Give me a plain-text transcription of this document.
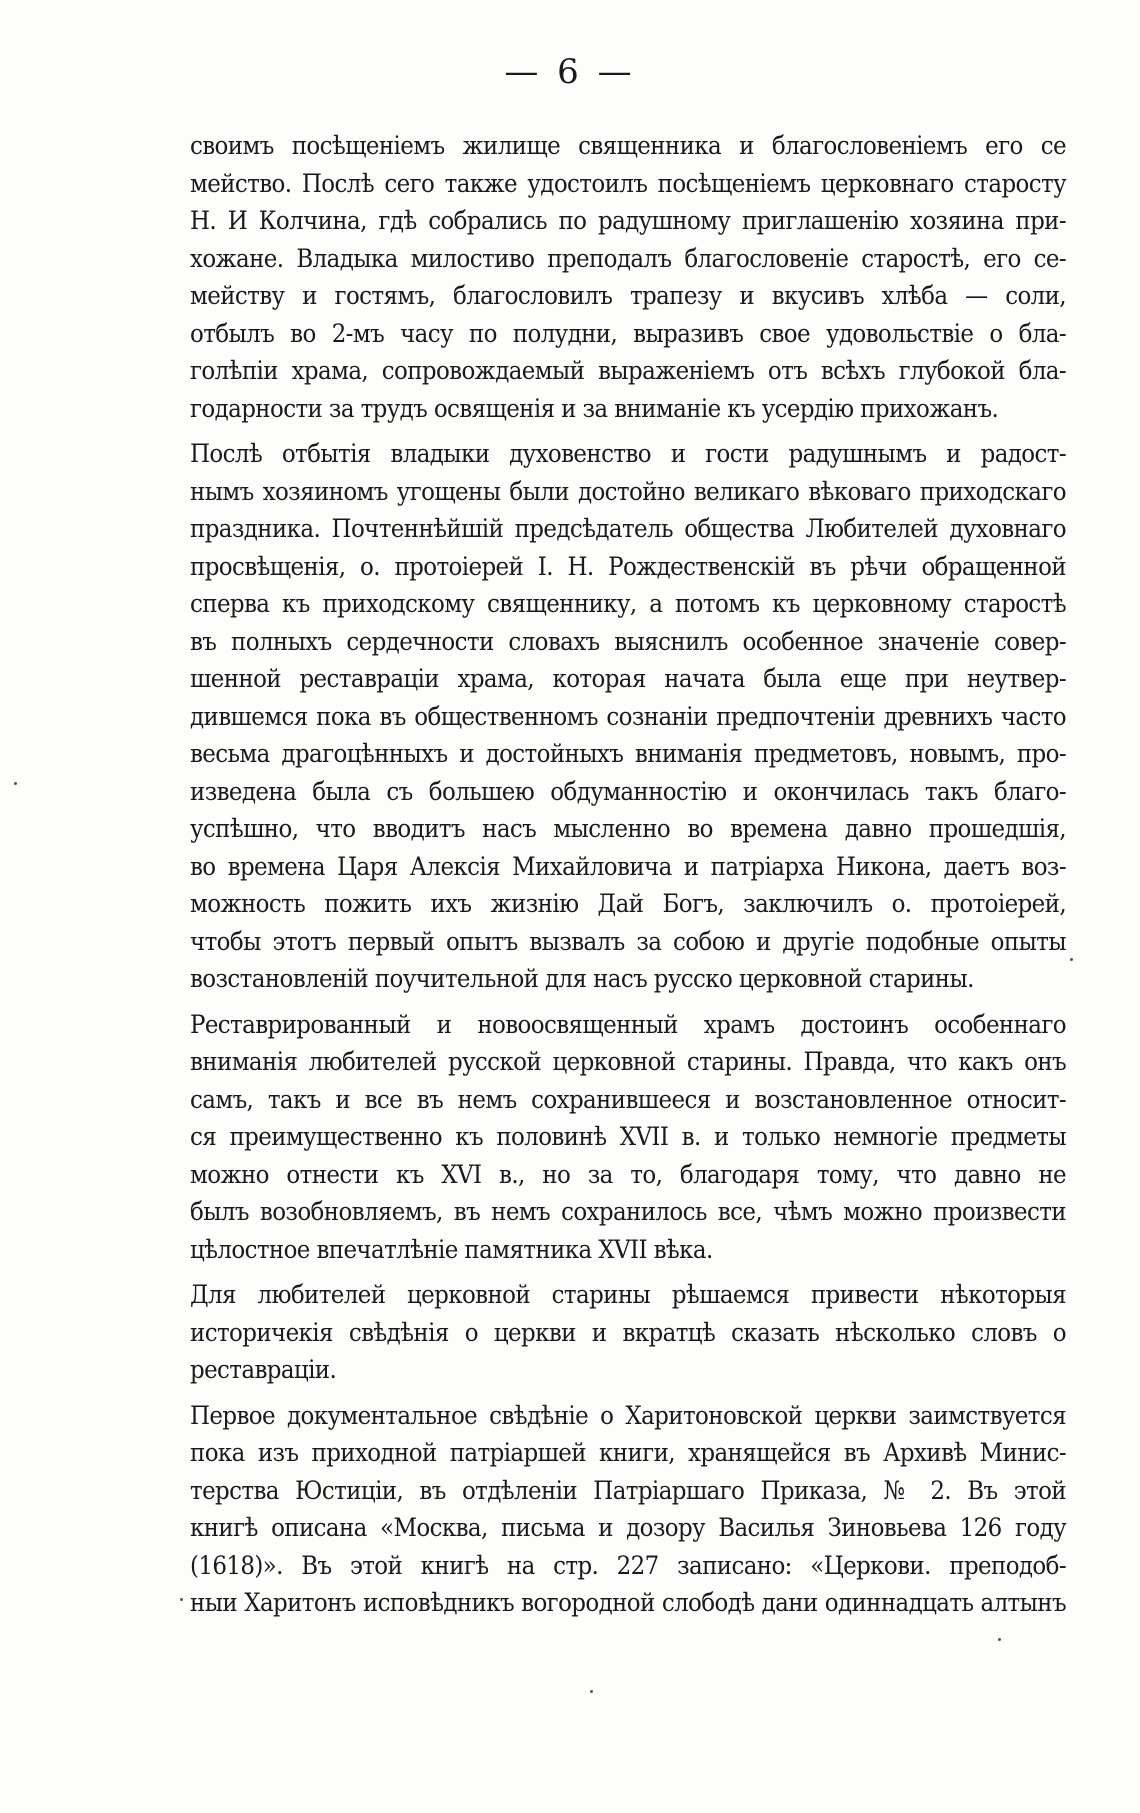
— 6 —

своимъ посѣщеніемъ жилище священника и благословеніемъ его се
мейство. Послѣ сего также удостоилъ посѣщеніемъ церковнаго старосту
Н. И Колчина, гдѣ собрались по радушному приглашенію хозяина при-
хожане. Владыка милостиво преподалъ благословеніе старостѣ, его се-
мейству и гостямъ, благословилъ трапезу и вкусивъ хлѣба — соли,
отбылъ во 2-мъ часу по полудни, выразивъ свое удовольствіе о бла-
голѣпіи храма, сопровождаемый выраженіемъ отъ всѣхъ глубокой бла-
годарности за трудъ освященія и за вниманіе къ усердію прихожанъ.

Послѣ отбытія владыки духовенство и гости радушнымъ и радост-
нымъ хозяиномъ угощены были достойно великаго вѣковаго приходскаго
праздника. Почтеннѣйшій предсѣдатель общества Любителей духовнаго
просвѣщенія, о. протоіерей І. Н. Рождественскій въ рѣчи обращенной
сперва къ приходскому священнику, а потомъ къ церковному старостѣ
въ полныхъ сердечности словахъ выяснилъ особенное значеніе совер-
шенной реставраціи храма, которая начата была еще при неутвер-
дившемся пока въ общественномъ сознаніи предпочтеніи древнихъ часто
весьма драгоцѣнныхъ и достойныхъ вниманія предметовъ, новымъ, про-
изведена была съ большею обдуманностію и окончилась такъ благо-
успѣшно, что вводитъ насъ мысленно во времена давно прошедшія,
во времена Царя Алексія Михайловича и патріарха Никона, даетъ воз-
можность пожить ихъ жизнію Дай Богъ, заключилъ о. протоіерей,
чтобы этотъ первый опытъ вызвалъ за собою и другіе подобные опыты
возстановленій поучительной для насъ русско церковной старины.

Реставрированный и новоосвященный храмъ достоинъ особеннаго
вниманія любителей русской церковной старины. Правда, что какъ онъ
самъ, такъ и все въ немъ сохранившееся и возстановленное относит-
ся преимущественно къ половинѣ XVII в. и только немногіе предметы
можно отнести къ XVI в., но за то, благодаря тому, что давно не
былъ возобновляемъ, въ немъ сохранилось все, чѣмъ можно произвести
цѣлостное впечатлѣніе памятника XVII вѣка.

Для любителей церковной старины рѣшаемся привести нѣкоторыя
историчекія свѣдѣнія о церкви и вкратцѣ сказать нѣсколько словъ о
реставраціи.

Первое документальное свѣдѣніе о Харитоновской церкви заимствуется
пока изъ приходной патріаршей книги, хранящейся въ Архивѣ Минис-
терства Юстиціи, въ отдѣленіи Патріаршаго Приказа, № 2. Въ этой
книгѣ описана «Москва, письма и дозору Василья Зиновьева 126 году
(1618)». Въ этой книгѣ на стр. 227 записано: «Церкови. преподоб-
ныи Харитонъ исповѣдникъ вогородной слободѣ дани одиннадцать алтынъ
